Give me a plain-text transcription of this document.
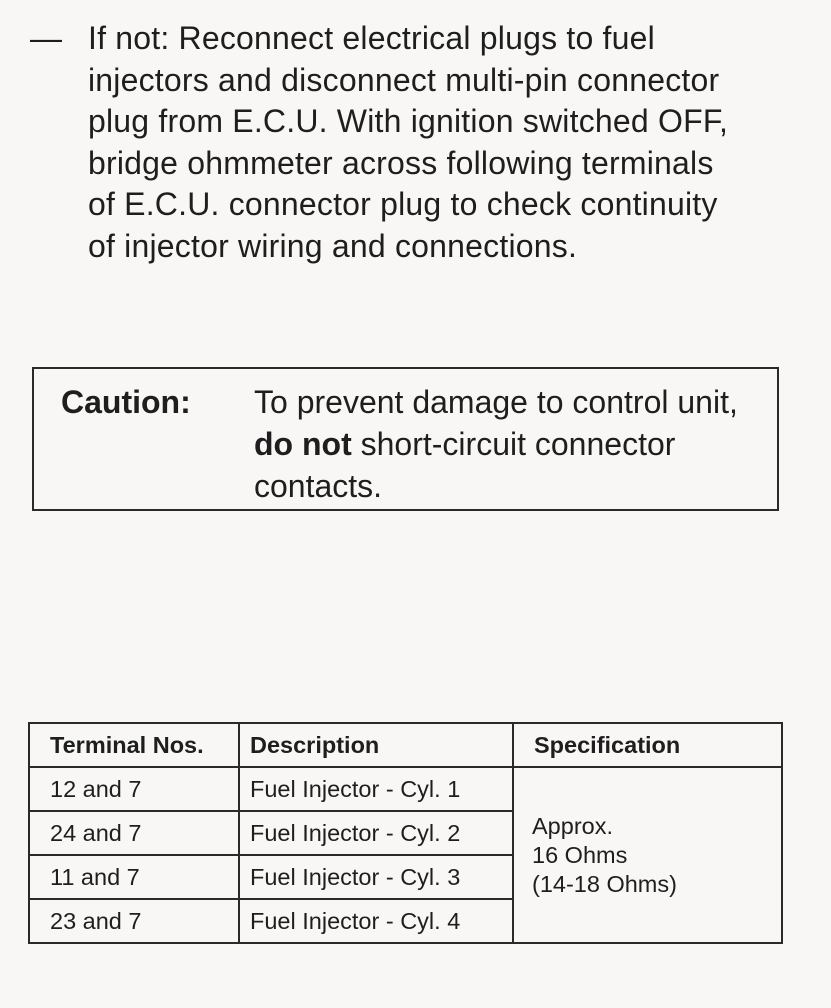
— If not: Reconnect electrical plugs to fuel
injectors and disconnect multi-pin connector
plug from E.C.U. With ignition switched OFF,
bridge ohmmeter across following terminals
of E.C.U. connector plug to check continuity
of injector wiring and connections.
Caution:	To prevent damage to control unit,
do not short-circuit connector
contacts.
Terminal Nos.	Description	Specification
12 and 7	Fuel Injector - Cyl. 1	Approx.
16 Ohms
(14-18 Ohms)

24 and 7	Fuel Injector - Cyl. 2	
11 and 7	Fuel Injector - Cyl. 3	
23 and 7	Fuel Injector - Cyl. 4	
